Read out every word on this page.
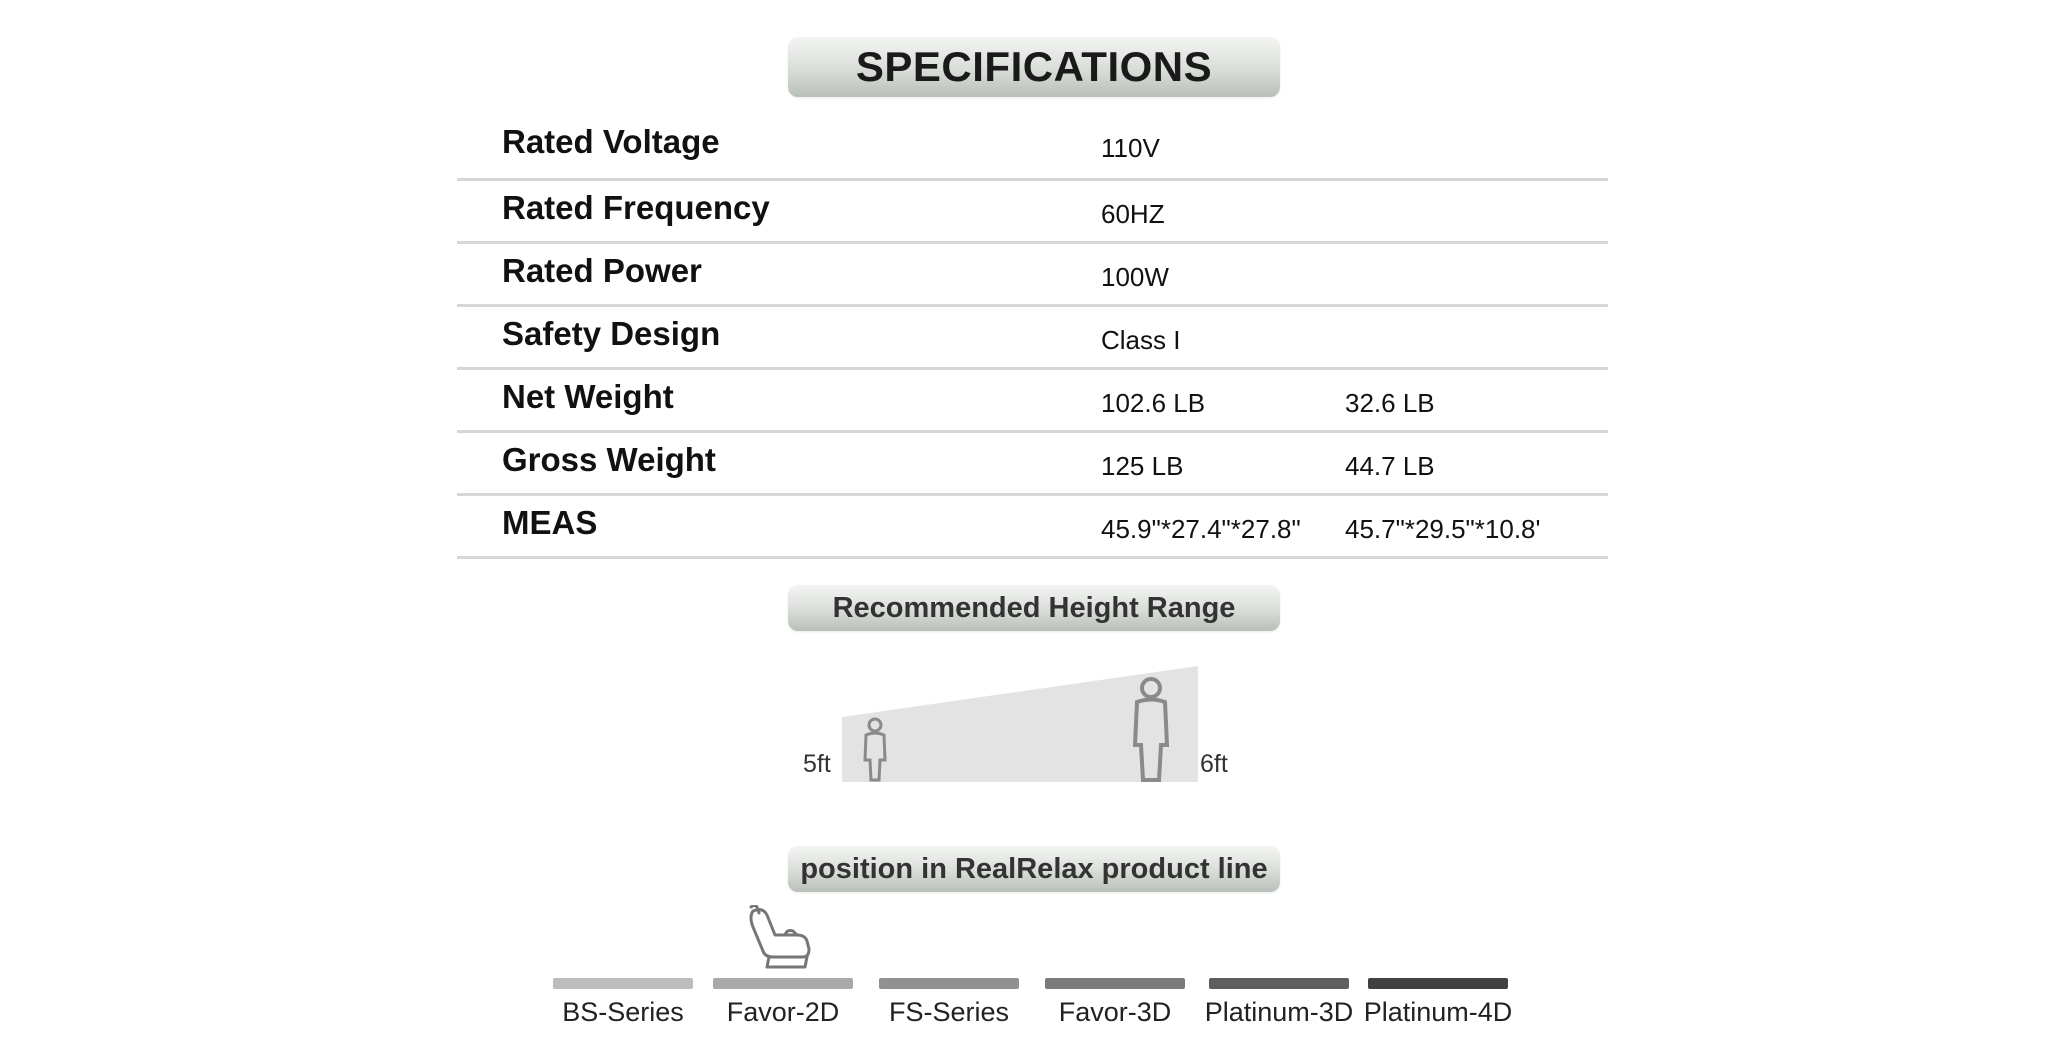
SPECIFICATIONS
Rated Voltage	110V
Rated Frequency	60HZ
Rated Power	100W
Safety Design	Class I
Net Weight	102.6 LB	32.6 LB
Gross Weight	125 LB	44.7 LB
MEAS	45.9"*27.4"*27.8" 45.7"*29.5"*10.8'
Recommended Height Range
5ft	6ft
position in RealRelax product line
BS-Series	Favor-2D	FS-Series	Favor-3D	Platinum-3D Platinum-4D
